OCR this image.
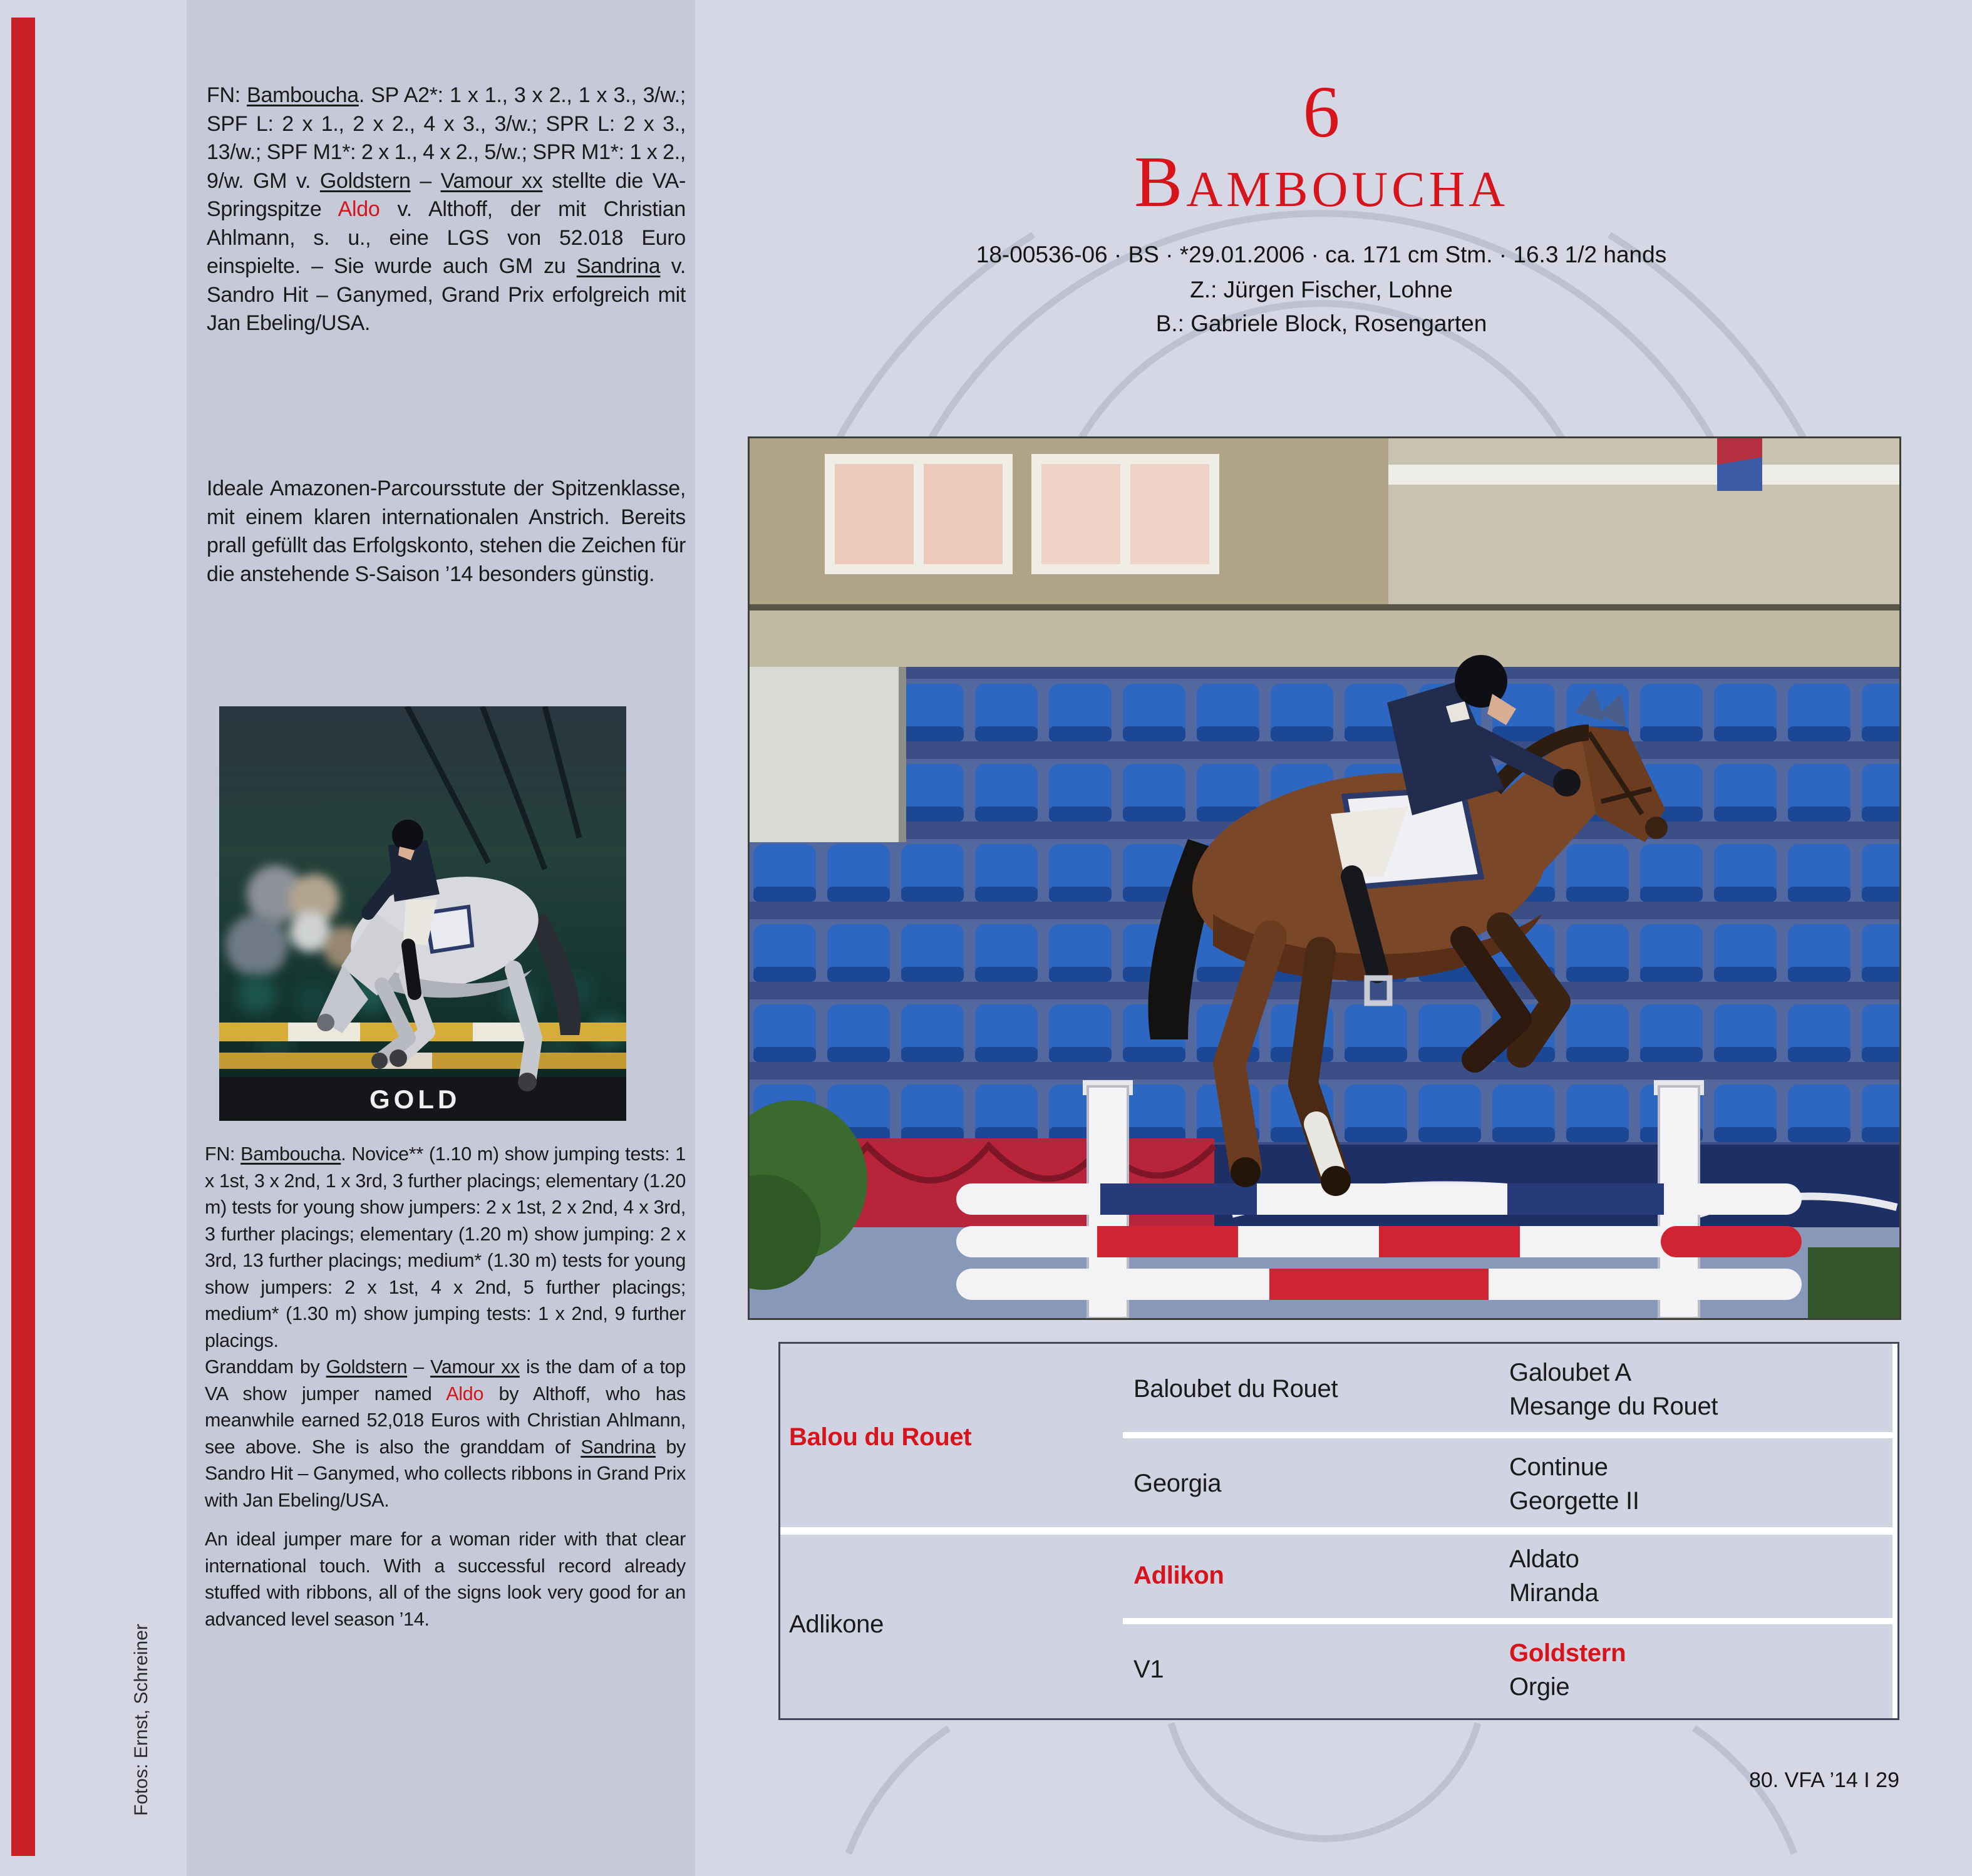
FN: Bamboucha. SP A2*: 1 x 1., 3 x 2., 1 x 3., 3/w.; SPF L: 2 x 1., 2 x 2., 4 x 3., 3/w.; SPR L: 2 x 3., 13/w.; SPF M1*: 2 x 1., 4 x 2., 5/w.; SPR M1*: 1 x 2., 9/w. GM v. Goldstern – Vamour xx stellte die VA-Springspitze Aldo v. Althoff, der mit Christian Ahlmann, s. u., eine LGS von 52.018 Euro einspielte. – Sie wurde auch GM zu Sandrina v. Sandro Hit – Ganymed, Grand Prix erfolgreich mit Jan Ebeling/USA.
Ideale Amazonen-Parcoursstute der Spitzenklasse, mit einem klaren internationalen Anstrich. Bereits prall gefüllt das Erfolgskonto, stehen die Zeichen für die anstehende S-Saison ’14 besonders günstig.
GOLD

FN: Bamboucha. Novice** (1.10 m) show jumping tests: 1 x 1st, 3 x 2nd, 1 x 3rd, 3 further placings; elementary (1.20 m) tests for young show jumpers: 2 x 1st, 2 x 2nd, 4 x 3rd, 3 further placings; elementary (1.20 m) show jumping: 2 x 3rd, 13 further placings; medium* (1.30 m) tests for young show jumpers: 2 x 1st, 4 x 2nd, 5 further placings; medium* (1.30 m) show jumping tests: 1 x 2nd, 9 further placings.

Granddam by Goldstern – Vamour xx is the dam of a top VA show jumper named Aldo by Althoff, who has meanwhile earned 52,018 Euros with Christian Ahlmann, see above. She is also the granddam of Sandrina by Sandro Hit – Ganymed, who collects ribbons in Grand Prix with Jan Ebeling/USA.

An ideal jumper mare for a woman rider with that clear international touch. With a successful record already stuffed with ribbons, all of the signs look very good for an advanced level season ’14.

Fotos: Ernst, Schreiner
6
BAMBOUCHA
18-00536-06 · BS · *29.01.2006 · ca. 171 cm Stm. · 16.3 1/2 hands
Z.: Jürgen Fischer, Lohne
B.: Gabriele Block, Rosengarten
Balou du Rouet
Adlikone
Baloubet du Rouet
Georgia
Adlikon
V1
Galoubet A
Mesange du Rouet
Continue
Georgette II
Aldato
Miranda
Goldstern
Orgie
80. VFA ’14 I 29
